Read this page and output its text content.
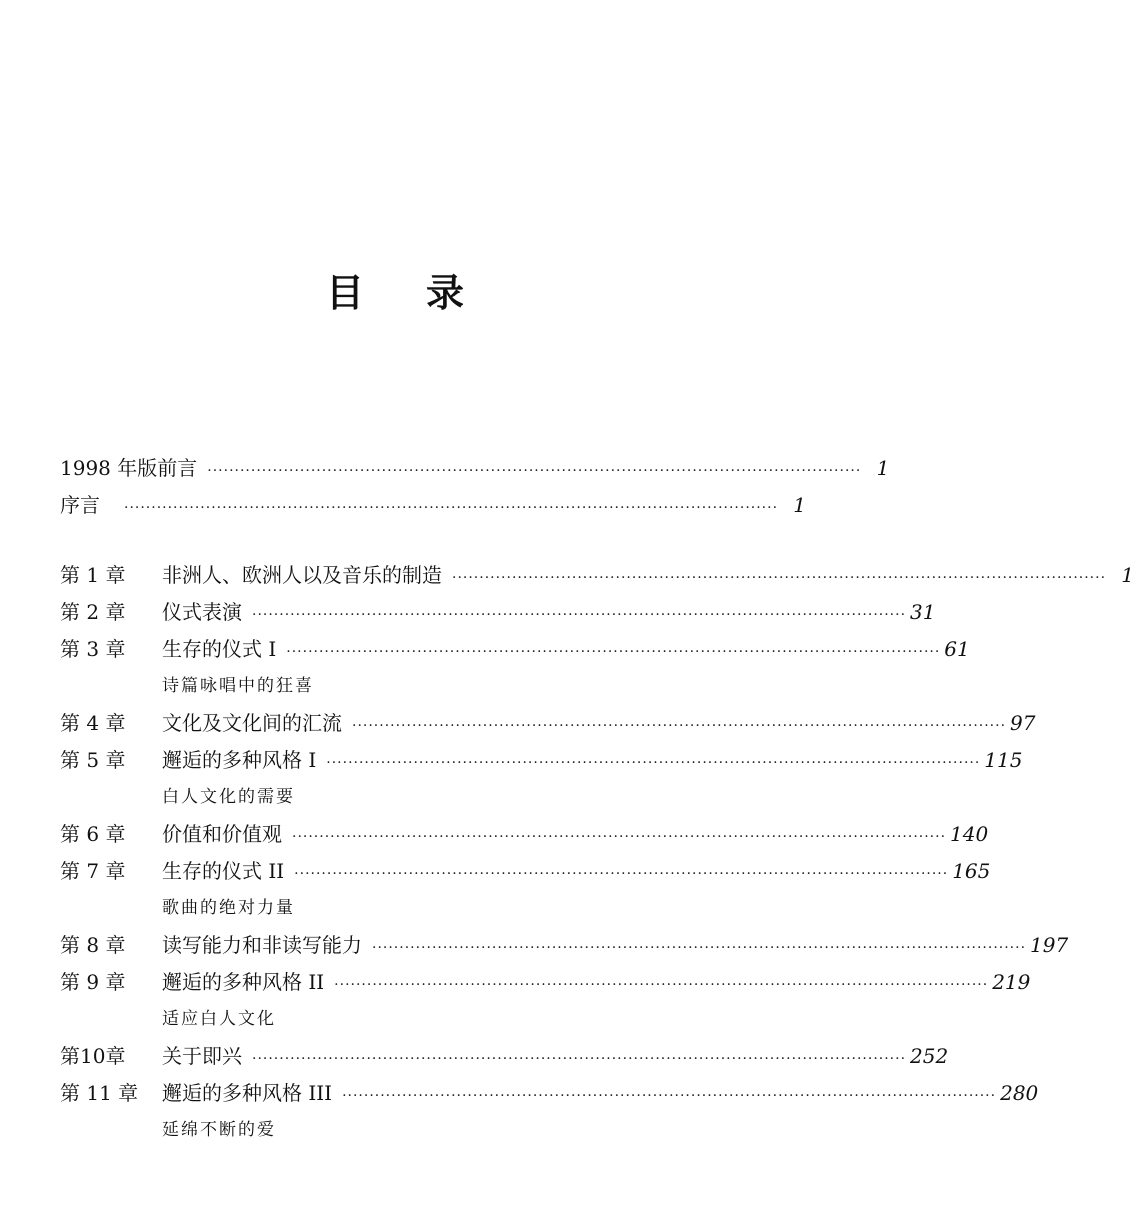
目 录
1998 年版前言 ························································································································ 1
序言 ························································································································ 1
第 1 章	非洲人、欧洲人以及音乐的制造 ························································································································ 1
第 2 章	仪式表演 ························································································································ 31
第 3 章	生存的仪式 I ························································································································ 61
诗篇咏唱中的狂喜
第 4 章	文化及文化间的汇流 ························································································································ 97
第 5 章	邂逅的多种风格 I ························································································································ 115
白人文化的需要
第 6 章	价值和价值观 ························································································································ 140
第 7 章	生存的仪式 II ························································································································ 165
歌曲的绝对力量
第 8 章	读写能力和非读写能力 ························································································································ 197
第 9 章	邂逅的多种风格 II ························································································································ 219
适应白人文化
第10章	关于即兴 ························································································································ 252
第 11 章	邂逅的多种风格 III ························································································································ 280
延绵不断的爱
